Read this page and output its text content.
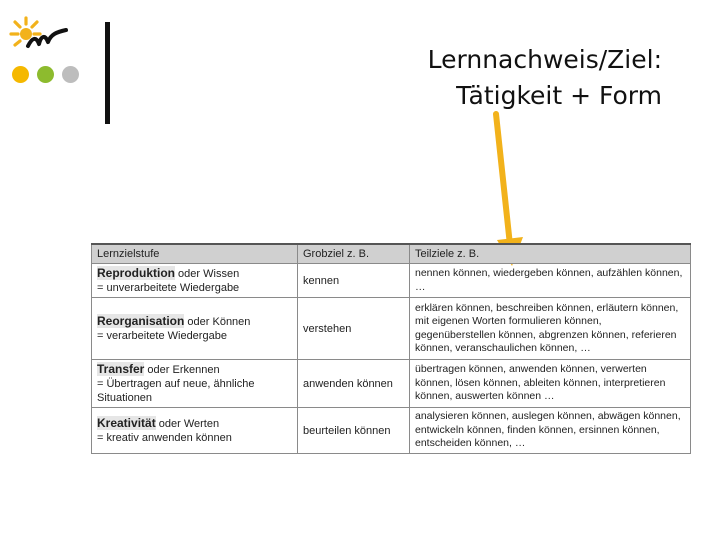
Lernnachweis/Ziel:
Tätigkeit + Form
Lernzielstufe	Grobziel z. B.	Teilziele z. B.
Reproduktion oder Wissen
= unverarbeitete Wiedergabe	kennen	nennen können, wiedergeben können, aufzählen können, …
Reorganisation oder Können
= verarbeitete Wiedergabe	verstehen	erklären können, beschreiben können, erläutern können, mit eigenen Worten formulieren können, gegenüberstellen können, abgrenzen können, referieren können, veranschaulichen können, …
Transfer oder Erkennen
= Übertragen auf neue, ähnliche Situationen	anwenden können	übertragen können, anwenden können, verwerten können, lösen können, ableiten können, interpretieren können, auswerten können …
Kreativität oder Werten
= kreativ anwenden können	beurteilen können	analysieren können, auslegen können, abwägen können, entwickeln können, finden können, ersinnen können, entscheiden können, …
